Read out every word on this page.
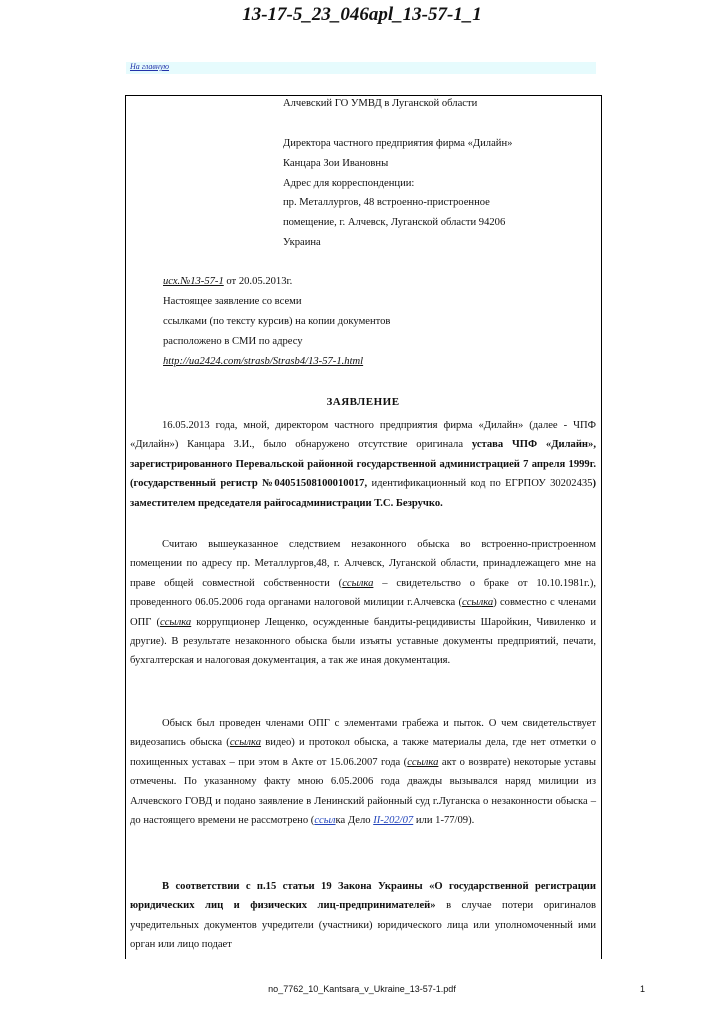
13-17-5_23_046apl_13-57-1_1
На главную
Алчевский ГО УМВД в Луганской области
Директора частного предприятия фирма «Дилайн»
Канцара Зои Ивановны
Адрес для корреспонденции:
пр. Металлургов, 48 встроенно-пристроенное
помещение, г. Алчевск, Луганской области 94206
Украина
исх.№13-57-1 от 20.05.2013г.
Настоящее заявление со всеми
ссылками (по тексту курсив) на копии документов
расположено в СМИ по адресу
http://ua2424.com/strasb/Strasb4/13-57-1.html
ЗАЯВЛЕНИЕ

16.05.2013 года, мной, директором частного предприятия фирма «Дилайн» (далее - ЧПФ «Дилайн») Канцара З.И., было обнаружено отсутствие оригинала устава ЧПФ «Дилайн», зарегистрированного Перевальской районной государственной администрацией 7 апреля 1999г. (государственный регистр №04051508100010017, идентификационный код по ЕГРПОУ 30202435) заместителем председателя райгосадминистрации Т.С. Безручко.

Считаю вышеуказанное следствием незаконного обыска во встроенно-пристроенном помещении по адресу пр. Металлургов,48, г. Алчевск, Луганской области, принадлежащего мне на праве общей совместной собственности (ссылка – свидетельство о браке от 10.10.1981г.), проведенного 06.05.2006 года органами налоговой милиции г.Алчевска (ссылка) совместно с членами ОПГ (ссылка коррупционер Лещенко, осужденные бандиты-рецидивисты Шаройкин, Чивиленко и другие). В результате незаконного обыска были изъяты уставные документы предприятий, печати, бухгалтерская и налоговая документация, а так же иная документация.

Обыск был проведен членами ОПГ с элементами грабежа и пыток. О чем свидетельствует видеозапись обыска (ссылка видео) и протокол обыска, а также материалы дела, где нет отметки о похищенных уставах – при этом в Акте от 15.06.2007 года (ссылка акт о возврате) некоторые уставы отмечены. По указанному факту мною 6.05.2006 года дважды вызывался наряд милиции из Алчевского ГОВД и подано заявление в Ленинский районный суд г.Луганска о незаконности обыска – до настоящего времени не рассмотрено (ссылка Дело II-202/07 или 1-77/09).

В соответствии с п.15 статьи 19 Закона Украины «О государственной регистрации юридических лиц и физических лиц-предпринимателей» в случае потери оригиналов учредительных документов учредители (участники) юридического лица или уполномоченный ими орган или лицо подает

no_7762_10_Kantsara_v_Ukraine_13-57-1.pdf	1
